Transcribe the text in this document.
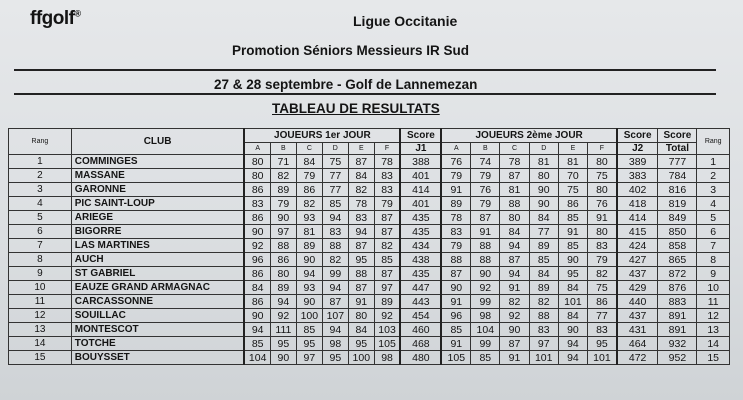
ffgolf®	Ligue Occitanie
Promotion Séniors Messieurs IR Sud
27 & 28 septembre - Golf de Lannemezan
TABLEAU DE RESULTATS
Rang	CLUB	JOUEURS 1er JOUR						Score	JOUEURS 2ème JOUR						Score	Score	Rang
		A	B	C	D	E	F	J1	A	B	C	D	E	F	J2	Total	
1	COMMINGES	80	71	84	75	87	78	388	76	74	78	81	81	80	389	777	1
2	MASSANE	80	82	79	77	84	83	401	79	79	87	80	70	75	383	784	2
3	GARONNE	86	89	86	77	82	83	414	91	76	81	90	75	80	402	816	3
4	PIC SAINT-LOUP	83	79	82	85	78	79	401	89	79	88	90	86	76	418	819	4
5	ARIEGE	86	90	93	94	83	87	435	78	87	80	84	85	91	414	849	5
6	BIGORRE	90	97	81	83	94	87	435	83	91	84	77	91	80	415	850	6
7	LAS MARTINES	92	88	89	88	87	82	434	79	88	94	89	85	83	424	858	7
8	AUCH	96	86	90	82	95	85	438	88	88	87	85	90	79	427	865	8
9	ST GABRIEL	86	80	94	99	88	87	435	87	90	94	84	95	82	437	872	9
10	EAUZE GRAND ARMAGNAC	84	89	93	94	87	97	447	90	92	91	89	84	75	429	876	10
11	CARCASSONNE	86	94	90	87	91	89	443	91	99	82	82	101	86	440	883	11
12	SOUILLAC	90	92	100	107	80	92	454	96	98	92	88	84	77	437	891	12
13	MONTESCOT	94	111	85	94	84	103	460	85	104	90	83	90	83	431	891	13
14	TOTCHE	85	95	95	98	95	105	468	91	99	87	97	94	95	464	932	14
15	BOUYSSET	104	90	97	95	100	98	480	105	85	91	101	94	101	472	952	15
